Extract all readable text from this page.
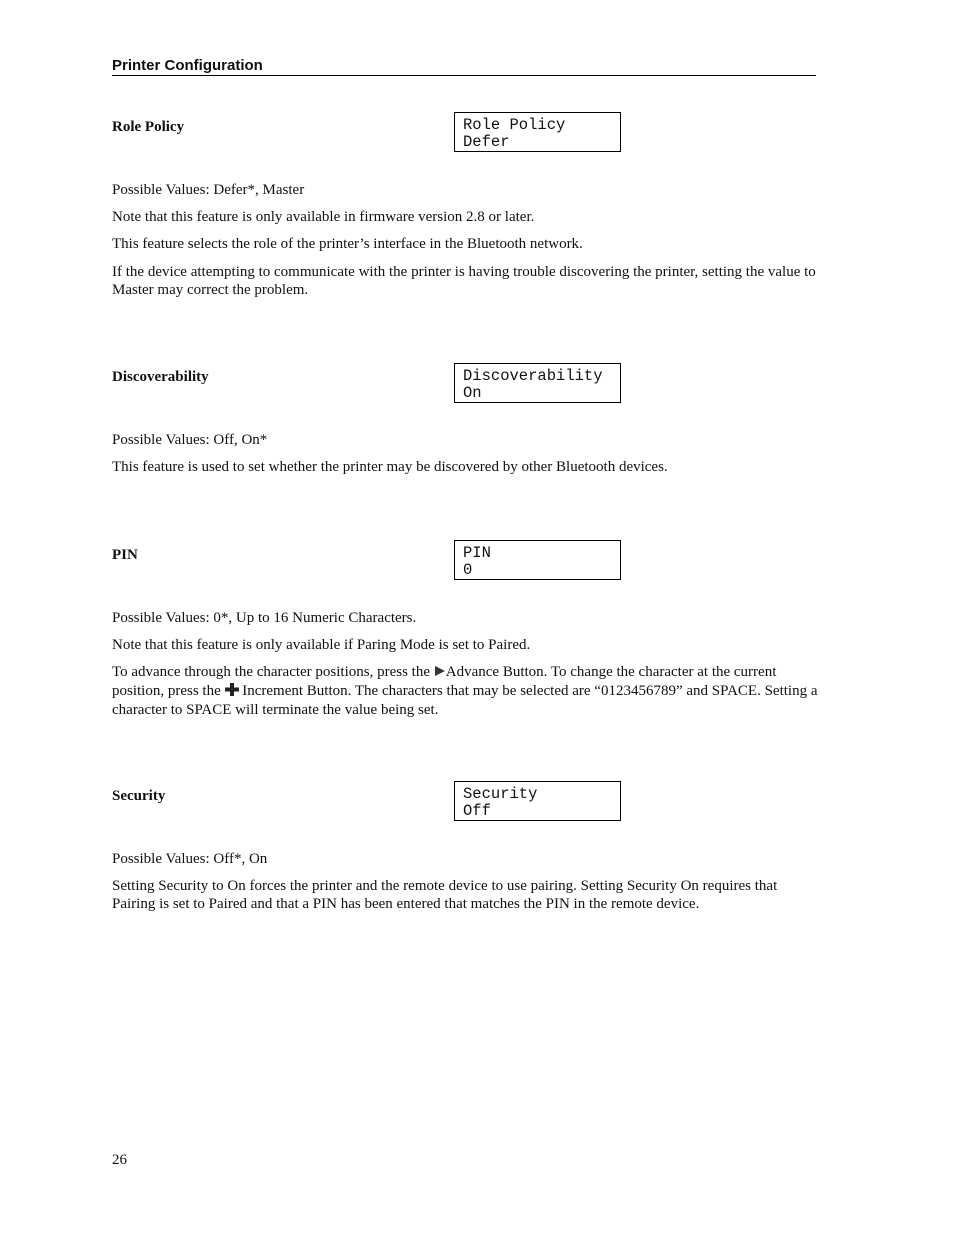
Printer Configuration
Role Policy	Role Policy
Defer

Possible Values: Defer*, Master

Note that this feature is only available in firmware version 2.8 or later.

This feature selects the role of the printer’s interface in the Bluetooth network.

If the device attempting to communicate with the printer is having trouble discovering the printer, setting the value to Master may correct the problem.

Discoverability	Discoverability
On

Possible Values: Off, On*

This feature is used to set whether the printer may be discovered by other Bluetooth devices.

PIN	PIN
0

Possible Values: 0*, Up to 16 Numeric Characters.

Note that this feature is only available if Paring Mode is set to Paired.

To advance through the character positions, press the Advance Button. To change the character at the current position, press the  Increment Button. The characters that may be selected are “0123456789” and SPACE. Setting a character to SPACE will terminate the value being set.

Security	Security
Off

Possible Values: Off*, On

Setting Security to On forces the printer and the remote device to use pairing. Setting Security On requires that Pairing is set to Paired and that a PIN has been entered that matches the PIN in the remote device.

26
